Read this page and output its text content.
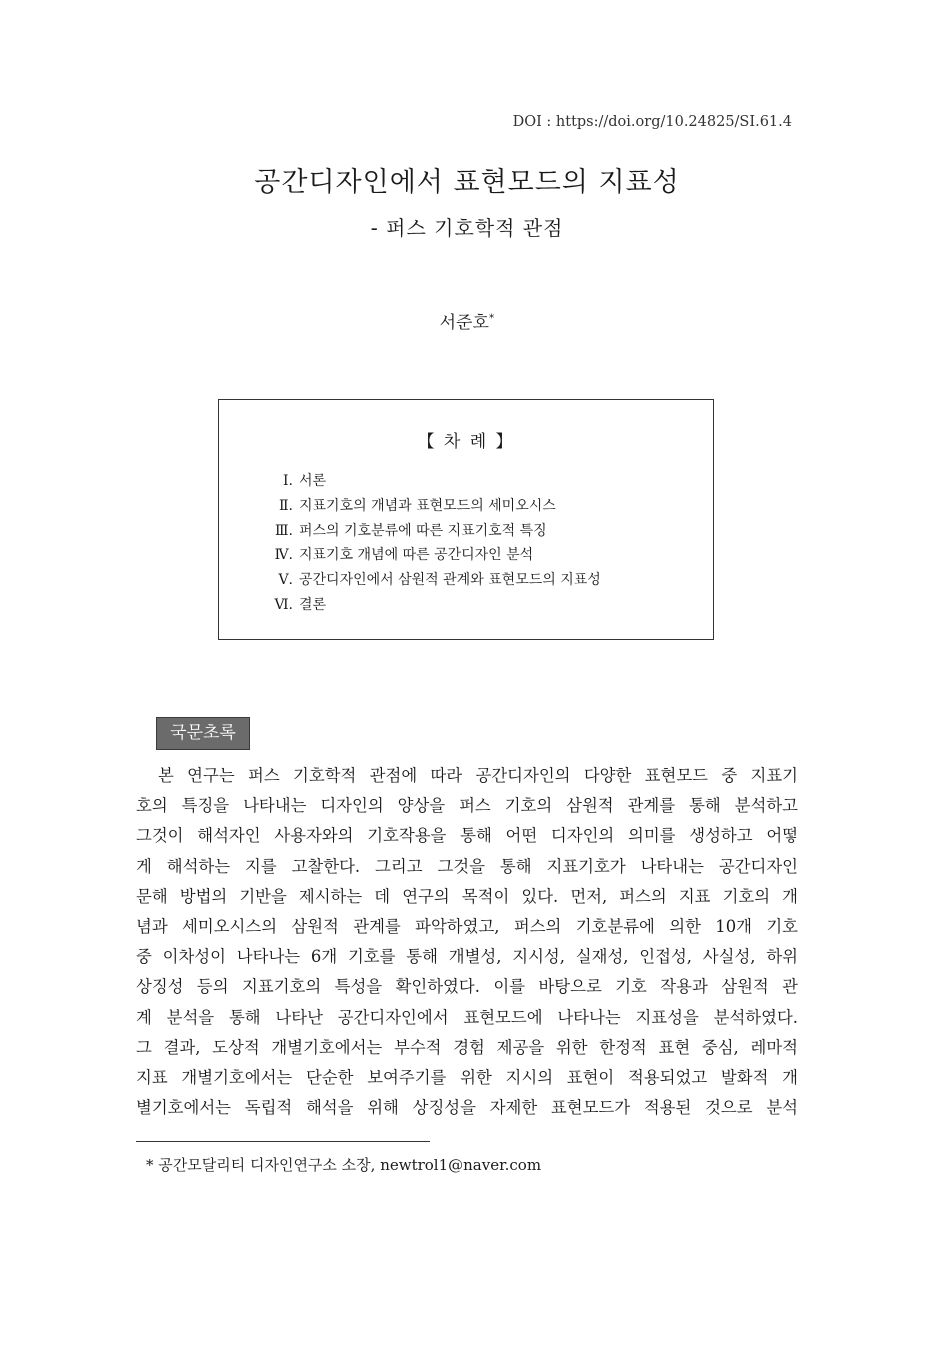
DOI : https://doi.org/10.24825/SI.61.4
공간디자인에서 표현모드의 지표성
- 퍼스 기호학적 관점
서준호*
【 차 례 】
Ⅰ. 서론
Ⅱ. 지표기호의 개념과 표현모드의 세미오시스
Ⅲ. 퍼스의 기호분류에 따른 지표기호적 특징
Ⅳ. 지표기호 개념에 따른 공간디자인 분석
Ⅴ. 공간디자인에서 삼원적 관계와 표현모드의 지표성
Ⅵ. 결론
국문초록
본 연구는 퍼스 기호학적 관점에 따라 공간디자인의 다양한 표현모드 중 지표기
호의 특징을 나타내는 디자인의 양상을 퍼스 기호의 삼원적 관계를 통해 분석하고
그것이 해석자인 사용자와의 기호작용을 통해 어떤 디자인의 의미를 생성하고 어떻
게 해석하는 지를 고찰한다. 그리고 그것을 통해 지표기호가 나타내는 공간디자인
문해 방법의 기반을 제시하는 데 연구의 목적이 있다. 먼저, 퍼스의 지표 기호의 개
념과 세미오시스의 삼원적 관계를 파악하였고, 퍼스의 기호분류에 의한 10개 기호
중 이차성이 나타나는 6개 기호를 통해 개별성, 지시성, 실재성, 인접성, 사실성, 하위
상징성 등의 지표기호의 특성을 확인하였다. 이를 바탕으로 기호 작용과 삼원적 관
계 분석을 통해 나타난 공간디자인에서 표현모드에 나타나는 지표성을 분석하였다.
그 결과, 도상적 개별기호에서는 부수적 경험 제공을 위한 한정적 표현 중심, 레마적
지표 개별기호에서는 단순한 보여주기를 위한 지시의 표현이 적용되었고 발화적 개
별기호에서는 독립적 해석을 위해 상징성을 자제한 표현모드가 적용된 것으로 분석
* 공간모달리티 디자인연구소 소장, newtrol1@naver.com
